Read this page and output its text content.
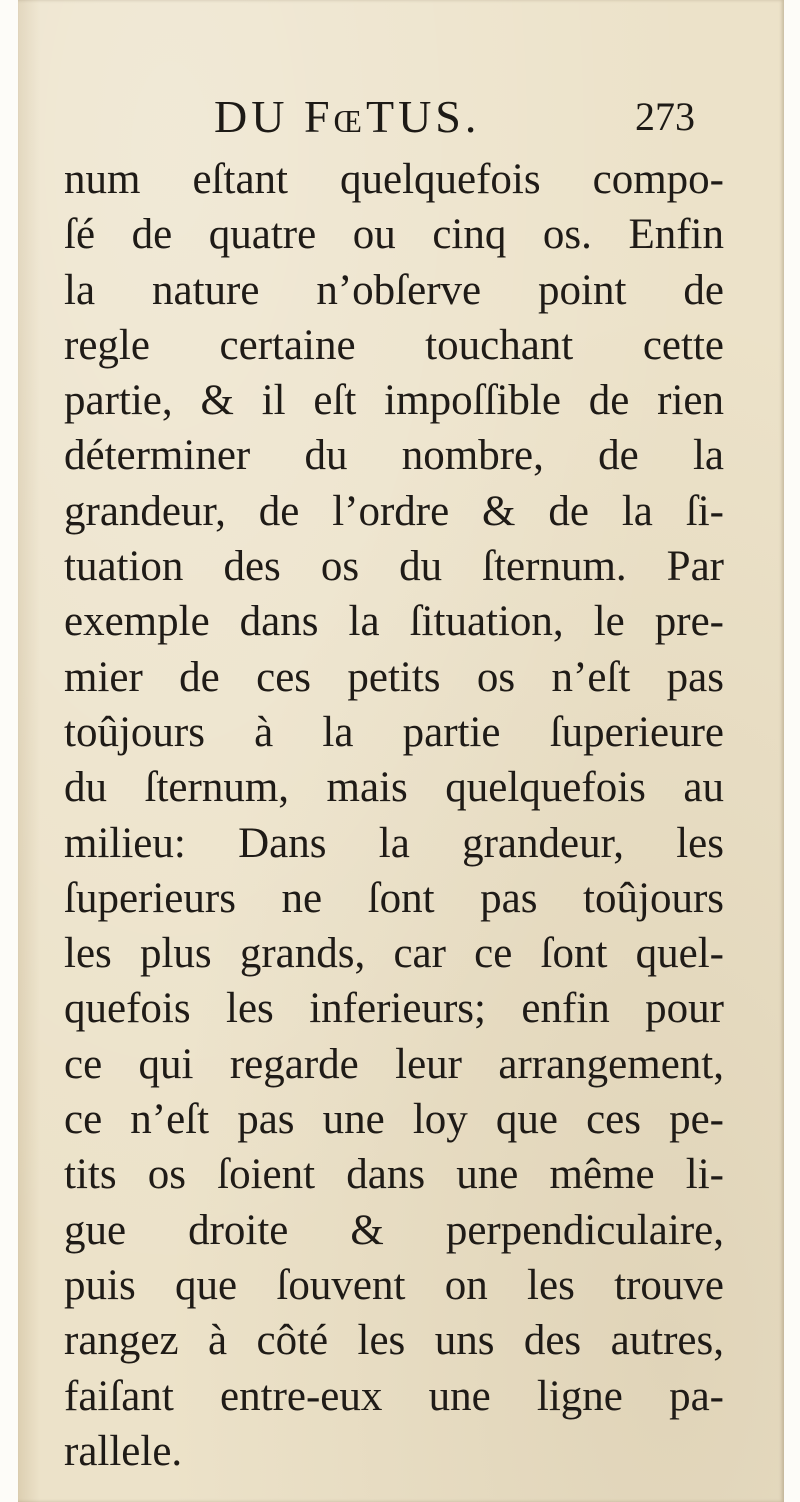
DU FœTUS.	273
num eſtant quelquefois compo-
ſé de quatre ou cinq os. Enfin
la nature n’obſerve point de
regle certaine touchant cette
partie, & il eſt impoſſible de rien
déterminer du nombre, de la
grandeur, de l’ordre & de la ſi-
tuation des os du ſternum. Par
exemple dans la ſituation, le pre-
mier de ces petits os n’eſt pas
toûjours à la partie ſuperieure
du ſternum, mais quelquefois au
milieu: Dans la grandeur, les
ſuperieurs ne ſont pas toûjours
les plus grands, car ce ſont quel-
quefois les inferieurs; enfin pour
ce qui regarde leur arrangement,
ce n’eſt pas une loy que ces pe-
tits os ſoient dans une même li-
gue droite & perpendiculaire,
puis que ſouvent on les trouve
rangez à côté les uns des autres,
faiſant entre-eux une ligne pa-
rallele.
